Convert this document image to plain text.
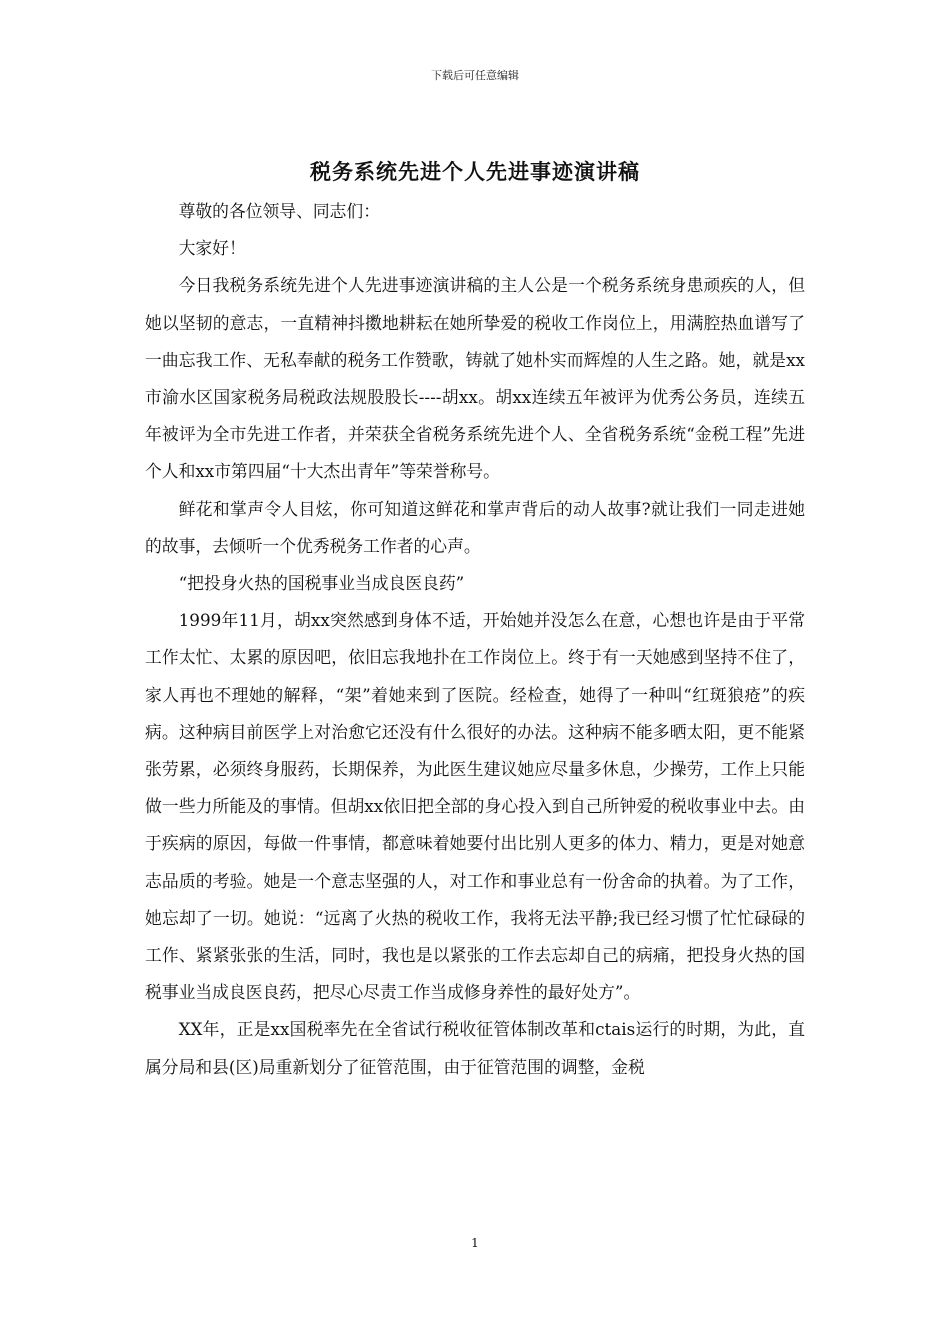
下载后可任意编辑
税务系统先进个人先进事迹演讲稿

尊敬的各位领导、同志们：

大家好！

今日我税务系统先进个人先进事迹演讲稿的主人公是一个税务系统身患顽疾的人，但她以坚韧的意志，一直精神抖擞地耕耘在她所挚爱的税收工作岗位上，用满腔热血谱写了一曲忘我工作、无私奉献的税务工作赞歌，铸就了她朴实而辉煌的人生之路。她，就是xx市渝水区国家税务局税政法规股股长----胡xx。胡xx连续五年被评为优秀公务员，连续五年被评为全市先进工作者，并荣获全省税务系统先进个人、全省税务系统“金税工程”先进个人和xx市第四届“十大杰出青年”等荣誉称号。

鲜花和掌声令人目炫，你可知道这鲜花和掌声背后的动人故事?就让我们一同走进她的故事，去倾听一个优秀税务工作者的心声。

“把投身火热的国税事业当成良医良药”

1999年11月，胡xx突然感到身体不适，开始她并没怎么在意，心想也许是由于平常工作太忙、太累的原因吧，依旧忘我地扑在工作岗位上。终于有一天她感到坚持不住了，家人再也不理她的解释，“架”着她来到了医院。经检查，她得了一种叫“红斑狼疮”的疾病。这种病目前医学上对治愈它还没有什么很好的办法。这种病不能多晒太阳，更不能紧张劳累，必须终身服药，长期保养，为此医生建议她应尽量多休息，少操劳，工作上只能做一些力所能及的事情。但胡xx依旧把全部的身心投入到自己所钟爱的税收事业中去。由于疾病的原因，每做一件事情，都意味着她要付出比别人更多的体力、精力，更是对她意志品质的考验。她是一个意志坚强的人，对工作和事业总有一份舍命的执着。为了工作，她忘却了一切。她说：“远离了火热的税收工作，我将无法平静;我已经习惯了忙忙碌碌的工作、紧紧张张的生活，同时，我也是以紧张的工作去忘却自己的病痛，把投身火热的国税事业当成良医良药，把尽心尽责工作当成修身养性的最好处方”。

XX年，正是xx国税率先在全省试行税收征管体制改革和ctais运行的时期，为此，直属分局和县(区)局重新划分了征管范围，由于征管范围的调整，金税

1
